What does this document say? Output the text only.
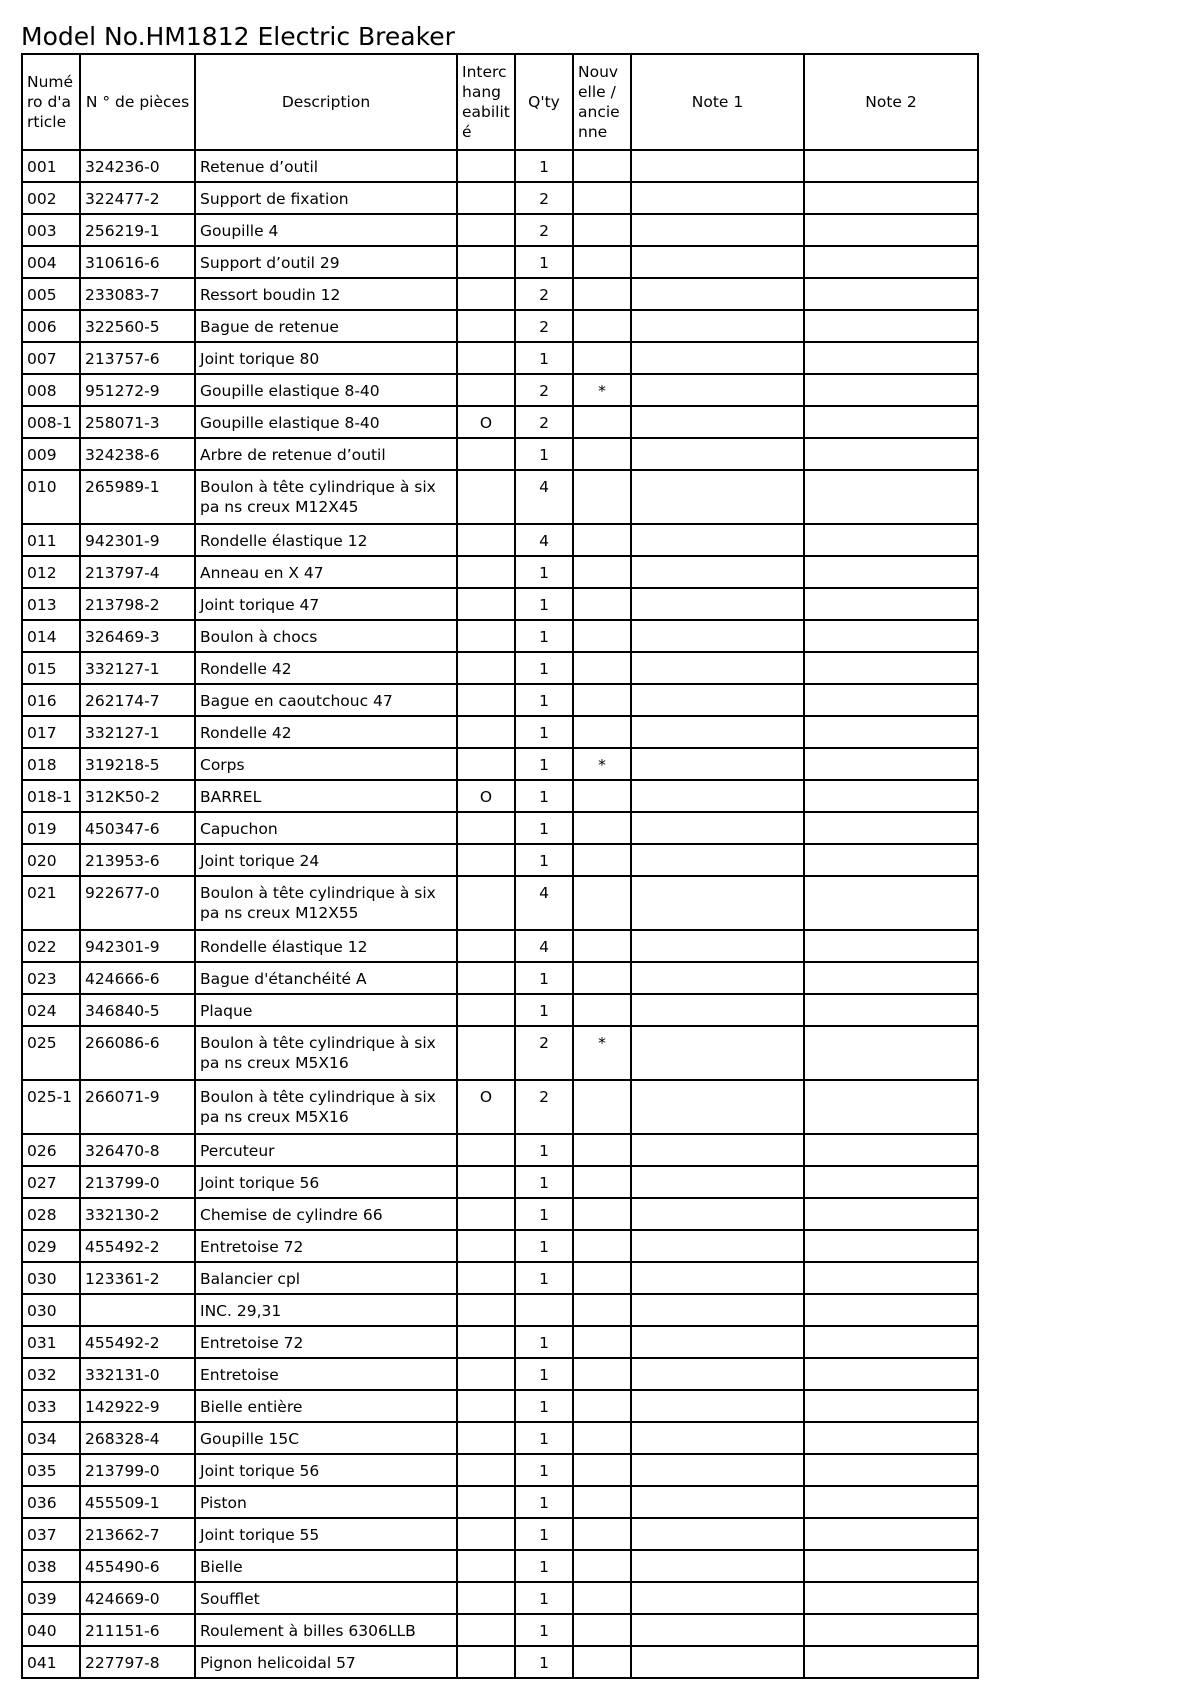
Model No.HM1812 Electric Breaker
Numé ro d'a rticle	N ° de pièces	Description	Interc hang eabilit é	Q'ty	Nouv elle / ancie nne	Note 1	Note 2
001	324236-0	Retenue d’outil		1			
002	322477-2	Support de fixation		2			
003	256219-1	Goupille 4		2			
004	310616-6	Support d’outil 29		1			
005	233083-7	Ressort boudin 12		2			
006	322560-5	Bague de retenue		2			
007	213757-6	Joint torique 80		1			
008	951272-9	Goupille elastique 8-40		2	*		
008-1	258071-3	Goupille elastique 8-40	O	2			
009	324238-6	Arbre de retenue d’outil		1			
010	265989-1	Boulon à tête cylindrique à six pa ns creux M12X45		4			
011	942301-9	Rondelle élastique 12		4			
012	213797-4	Anneau en X 47		1			
013	213798-2	Joint torique 47		1			
014	326469-3	Boulon à chocs		1			
015	332127-1	Rondelle 42		1			
016	262174-7	Bague en caoutchouc 47		1			
017	332127-1	Rondelle 42		1			
018	319218-5	Corps		1	*		
018-1	312K50-2	BARREL	O	1			
019	450347-6	Capuchon		1			
020	213953-6	Joint torique 24		1			
021	922677-0	Boulon à tête cylindrique à six pa ns creux M12X55		4			
022	942301-9	Rondelle élastique 12		4			
023	424666-6	Bague d'étanchéité A		1			
024	346840-5	Plaque		1			
025	266086-6	Boulon à tête cylindrique à six pa ns creux M5X16		2	*		
025-1	266071-9	Boulon à tête cylindrique à six pa ns creux M5X16	O	2			
026	326470-8	Percuteur		1			
027	213799-0	Joint torique 56		1			
028	332130-2	Chemise de cylindre 66		1			
029	455492-2	Entretoise 72		1			
030	123361-2	Balancier cpl		1			
030		INC. 29,31					
031	455492-2	Entretoise 72		1			
032	332131-0	Entretoise		1			
033	142922-9	Bielle entière		1			
034	268328-4	Goupille 15C		1			
035	213799-0	Joint torique 56		1			
036	455509-1	Piston		1			
037	213662-7	Joint torique 55		1			
038	455490-6	Bielle		1			
039	424669-0	Soufflet		1			
040	211151-6	Roulement à billes 6306LLB		1			
041	227797-8	Pignon helicoidal 57		1			
